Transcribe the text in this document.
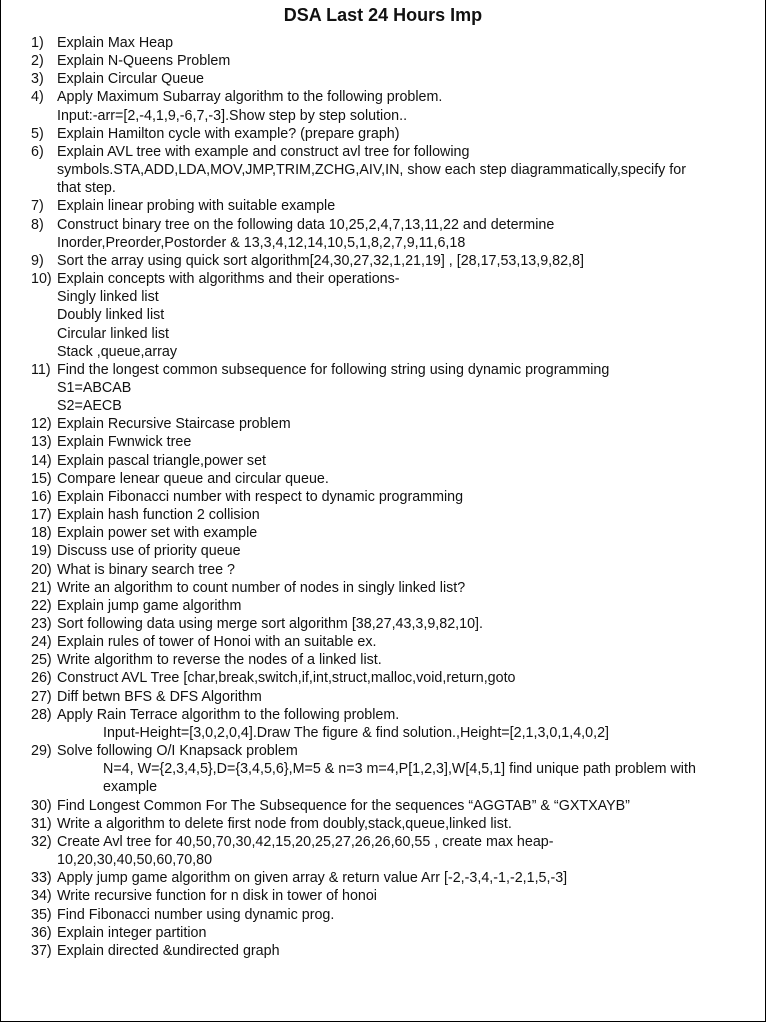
DSA Last 24 Hours Imp
1) Explain Max Heap
2) Explain N-Queens Problem
3) Explain Circular Queue
4) Apply Maximum Subarray algorithm to the following problem.
Input:-arr=[2,-4,1,9,-6,7,-3].Show step by step solution..
5) Explain Hamilton cycle with example? (prepare graph)
6) Explain AVL tree with example and construct avl tree for following
symbols.STA,ADD,LDA,MOV,JMP,TRIM,ZCHG,AIV,IN, show each step diagrammatically,specify for
that step.
7) Explain linear probing with suitable example
8) Construct binary tree on the following data 10,25,2,4,7,13,11,22 and determine
Inorder,Preorder,Postorder & 13,3,4,12,14,10,5,1,8,2,7,9,11,6,18
9) Sort the array using quick sort algorithm[24,30,27,32,1,21,19] , [28,17,53,13,9,82,8]
10) Explain concepts with algorithms and their operations-
Singly linked list
Doubly linked list
Circular linked list
Stack ,queue,array
11) Find the longest common subsequence for following string using dynamic programming
S1=ABCAB
S2=AECB
12) Explain Recursive Staircase problem
13) Explain Fwnwick tree
14) Explain pascal triangle,power set
15) Compare lenear queue and circular queue.
16) Explain Fibonacci number with respect to dynamic programming
17) Explain hash function 2 collision
18) Explain power set with example
19) Discuss use of priority queue
20) What is binary search tree ?
21) Write an algorithm to count number of nodes in singly linked list?
22) Explain jump game algorithm
23) Sort following data using merge sort algorithm [38,27,43,3,9,82,10].
24) Explain rules of tower of Honoi with an suitable ex.
25) Write algorithm to reverse the nodes of a linked list.
26) Construct AVL Tree [char,break,switch,if,int,struct,malloc,void,return,goto
27) Diff betwn BFS & DFS Algorithm
28) Apply Rain Terrace algorithm to the following problem.
Input-Height=[3,0,2,0,4].Draw The figure & find solution.,Height=[2,1,3,0,1,4,0,2]
29) Solve following O/I Knapsack problem
N=4, W={2,3,4,5},D={3,4,5,6},M=5 & n=3 m=4,P[1,2,3],W[4,5,1] find unique path problem with
example
30) Find Longest Common For The Subsequence for the sequences “AGGTAB” & “GXTXAYB”
31) Write a algorithm to delete first node from doubly,stack,queue,linked list.
32) Create Avl tree for 40,50,70,30,42,15,20,25,27,26,26,60,55 , create max heap-
10,20,30,40,50,60,70,80
33) Apply jump game algorithm on given array & return value Arr [-2,-3,4,-1,-2,1,5,-3]
34) Write recursive function for n disk in tower of honoi
35) Find Fibonacci number using dynamic prog.
36) Explain integer partition
37) Explain directed &undirected graph
